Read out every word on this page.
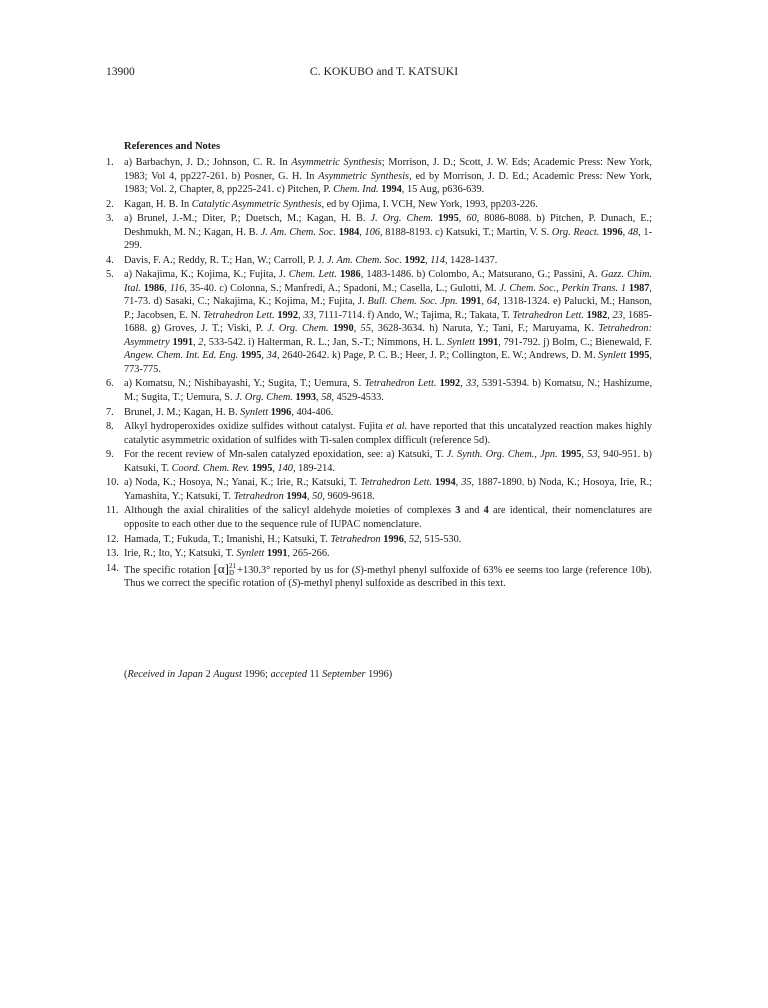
13900	C. KOKUBO and T. KATSUKI
References and Notes
1. a) Barbachyn, J. D.; Johnson, C. R. In Asymmetric Synthesis; Morrison, J. D.; Scott, J. W. Eds; Academic Press: New York, 1983; Vol 4, pp227-261. b) Posner, G. H. In Asymmetric Synthesis, ed by Morrison, J. D. Ed.; Academic Press: New York, 1983; Vol. 2, Chapter, 8, pp225-241. c) Pitchen, P. Chem. Ind. 1994, 15 Aug, p636-639.
2. Kagan, H. B. In Catalytic Asymmetric Synthesis, ed by Ojima, I. VCH, New York, 1993, pp203-226.
3. a) Brunel, J.-M.; Diter, P.; Duetsch, M.; Kagan, H. B. J. Org. Chem. 1995, 60, 8086-8088. b) Pitchen, P. Dunach, E.; Deshmukh, M. N.; Kagan, H. B. J. Am. Chem. Soc. 1984, 106, 8188-8193. c) Katsuki, T.; Martin, V. S. Org. React. 1996, 48, 1-299.
4. Davis, F. A.; Reddy, R. T.; Han, W.; Carroll, P. J. J. Am. Chem. Soc. 1992, 114, 1428-1437.
5. a) Nakajima, K.; Kojima, K.; Fujita, J. Chem. Lett. 1986, 1483-1486. b) Colombo, A.; Matsurano, G.; Passini, A. Gazz. Chim. Ital. 1986, 116, 35-40. c) Colonna, S.; Manfredi, A.; Spadoni, M.; Casella, L.; Gulotti, M. J. Chem. Soc., Perkin Trans. 1 1987, 71-73. d) Sasaki, C.; Nakajima, K.; Kojima, M.; Fujita, J. Bull. Chem. Soc. Jpn. 1991, 64, 1318-1324. e) Palucki, M.; Hanson, P.; Jacobsen, E. N. Tetrahedron Lett. 1992, 33, 7111-7114. f) Ando, W.; Tajima, R.; Takata, T. Tetrahedron Lett. 1982, 23, 1685-1688. g) Groves, J. T.; Viski, P. J. Org. Chem. 1990, 55, 3628-3634. h) Naruta, Y.; Tani, F.; Maruyama, K. Tetrahedron: Asymmetry 1991, 2, 533-542. i) Halterman, R. L.; Jan, S.-T.; Nimmons, H. L. Synlett 1991, 791-792. j) Bolm, C.; Bienewald, F. Angew. Chem. Int. Ed. Eng. 1995, 34, 2640-2642. k) Page, P. C. B.; Heer, J. P.; Collington, E. W.; Andrews, D. M. Synlett 1995, 773-775.
6. a) Komatsu, N.; Nishibayashi, Y.; Sugita, T.; Uemura, S. Tetrahedron Lett. 1992, 33, 5391-5394. b) Komatsu, N.; Hashizume, M.; Sugita, T.; Uemura, S. J. Org. Chem. 1993, 58, 4529-4533.
7. Brunel, J. M.; Kagan, H. B. Synlett 1996, 404-406.
8. Alkyl hydroperoxides oxidize sulfides without catalyst. Fujita et al. have reported that this uncatalyzed reaction makes highly catalytic asymmetric oxidation of sulfides with Ti-salen complex difficult (reference 5d).
9. For the recent review of Mn-salen catalyzed epoxidation, see: a) Katsuki, T. J. Synth. Org. Chem., Jpn. 1995, 53, 940-951. b) Katsuki, T. Coord. Chem. Rev. 1995, 140, 189-214.
10. a) Noda, K.; Hosoya, N.; Yanai, K.; Irie, R.; Katsuki, T. Tetrahedron Lett. 1994, 35, 1887-1890. b) Noda, K.; Hosoya, Irie, R.; Yamashita, Y.; Katsuki, T. Tetrahedron 1994, 50, 9609-9618.
11. Although the axial chiralities of the salicyl aldehyde moieties of complexes 3 and 4 are identical, their nomenclatures are opposite to each other due to the sequence rule of IUPAC nomenclature.
12. Hamada, T.; Fukuda, T.; Imanishi, H.; Katsuki, T. Tetrahedron 1996, 52, 515-530.
13. Irie, R.; Ito, Y.; Katsuki, T. Synlett 1991, 265-266.
14. The specific rotation $[\alpha]^{21}_D +130.3^\circ$ reported by us for (S)-methyl phenyl sulfoxide of 63% ee seems too large (reference 10b). Thus we correct the specific rotation of (S)-methyl phenyl sulfoxide as described in this text.
(Received in Japan 2 August 1996; accepted 11 September 1996)
